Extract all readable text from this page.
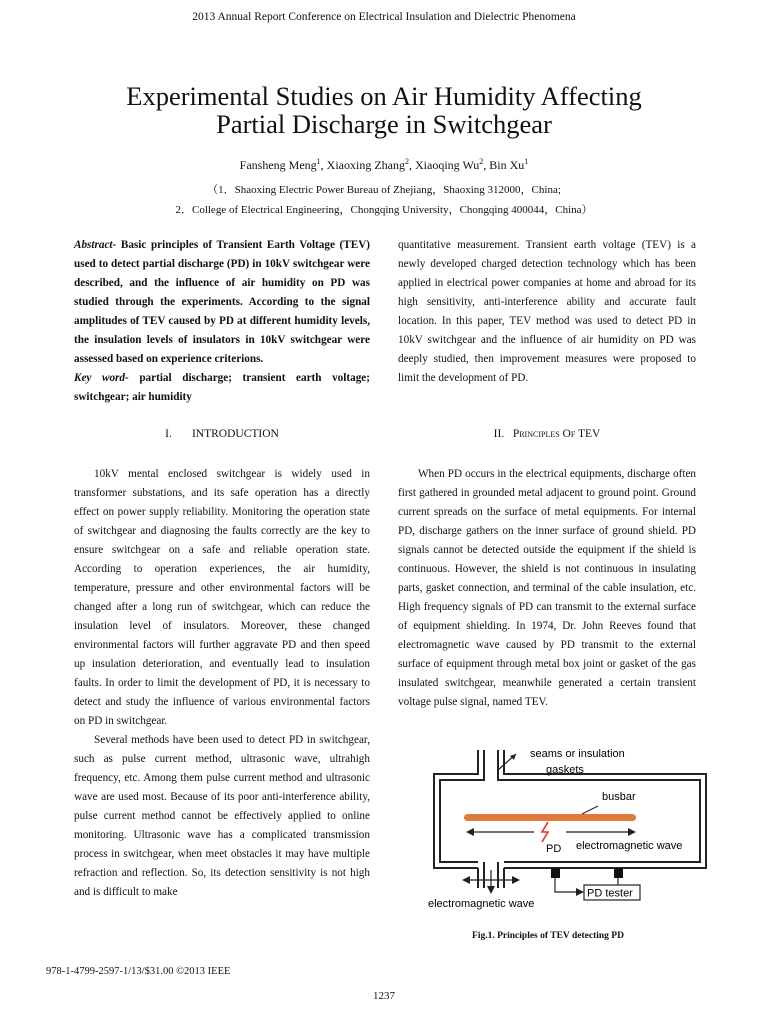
2013 Annual Report Conference on Electrical Insulation and Dielectric Phenomena
Experimental Studies on Air Humidity Affecting
Partial Discharge in Switchgear
Fansheng Meng$^1$, Xiaoxing Zhang$^2$, Xiaoqing Wu$^2$, Bin Xu$^1$
（1．Shaoxing Electric Power Bureau of Zhejiang，Shaoxing 312000，China;
2．College of Electrical Engineering，Chongqing University，Chongqing 400044，China）

Abstract- Basic principles of Transient Earth Voltage (TEV) used to detect partial discharge (PD) in 10kV switchgear were described, and the influence of air humidity on PD was studied through the experiments. According to the signal amplitudes of TEV caused by PD at different humidity levels, the insulation levels of insulators in 10kV switchgear were assessed based on experience criterions.

Key word- partial discharge; transient earth voltage; switchgear; air humidity

quantitative measurement. Transient earth voltage (TEV) is a newly developed charged detection technology which has been applied in electrical power companies at home and abroad for its high sensitivity, anti-interference ability and accurate fault location. In this paper, TEV method was used to detect PD in 10kV switchgear and the influence of air humidity on PD was deeply studied, then improvement measures were proposed to limit the development of PD.

I. INTRODUCTION	II. Principles Of TEV

10kV mental enclosed switchgear is widely used in transformer substations, and its safe operation has a directly effect on power supply reliability. Monitoring the operation state of switchgear and diagnosing the faults correctly are the key to ensure switchgear on a safe and reliable operation state. According to operation experiences, the air humidity, temperature, pressure and other environmental factors will be changed after a long run of switchgear, which can reduce the insulation level of insulators. Moreover, these changed environmental factors will further aggravate PD and then speed up insulation deterioration, and eventually lead to insulation faults. In order to limit the development of PD, it is necessary to detect and study the influence of various environmental factors on PD in switchgear.

Several methods have been used to detect PD in switchgear, such as pulse current method, ultrasonic wave, ultrahigh frequency, etc. Among them pulse current method and ultrasonic wave are used most. Because of its poor anti-interference ability, pulse current method cannot be effectively applied to online monitoring. Ultrasonic wave has a complicated transmission process in switchgear, when meet obstacles it may have multiple refraction and reflection. So, its detection sensitivity is not high and is difficult to make

When PD occurs in the electrical equipments, discharge often first gathered in grounded metal adjacent to ground point. Ground current spreads on the surface of metal equipments. For internal PD, discharge gathers on the inner surface of ground shield. PD signals cannot be detected outside the equipment if the shield is continuous. However, the shield is not continuous in insulating parts, gasket connection, and terminal of the cable insulation, etc. High frequency signals of PD can transmit to the external surface of equipment shielding. In 1974, Dr. John Reeves found that electromagnetic wave caused by PD transmit to the external surface of equipment through metal box joint or gasket of the gas insulated switchgear, meanwhile generated a certain transient voltage pulse signal, named TEV.

seams or insulation
gaskets
busbar
PD electromagnetic wave
electromagnetic wave
PD tester
Fig.1. Principles of TEV detecting PD
978-1-4799-2597-1/13/$31.00 ©2013 IEEE
1237
